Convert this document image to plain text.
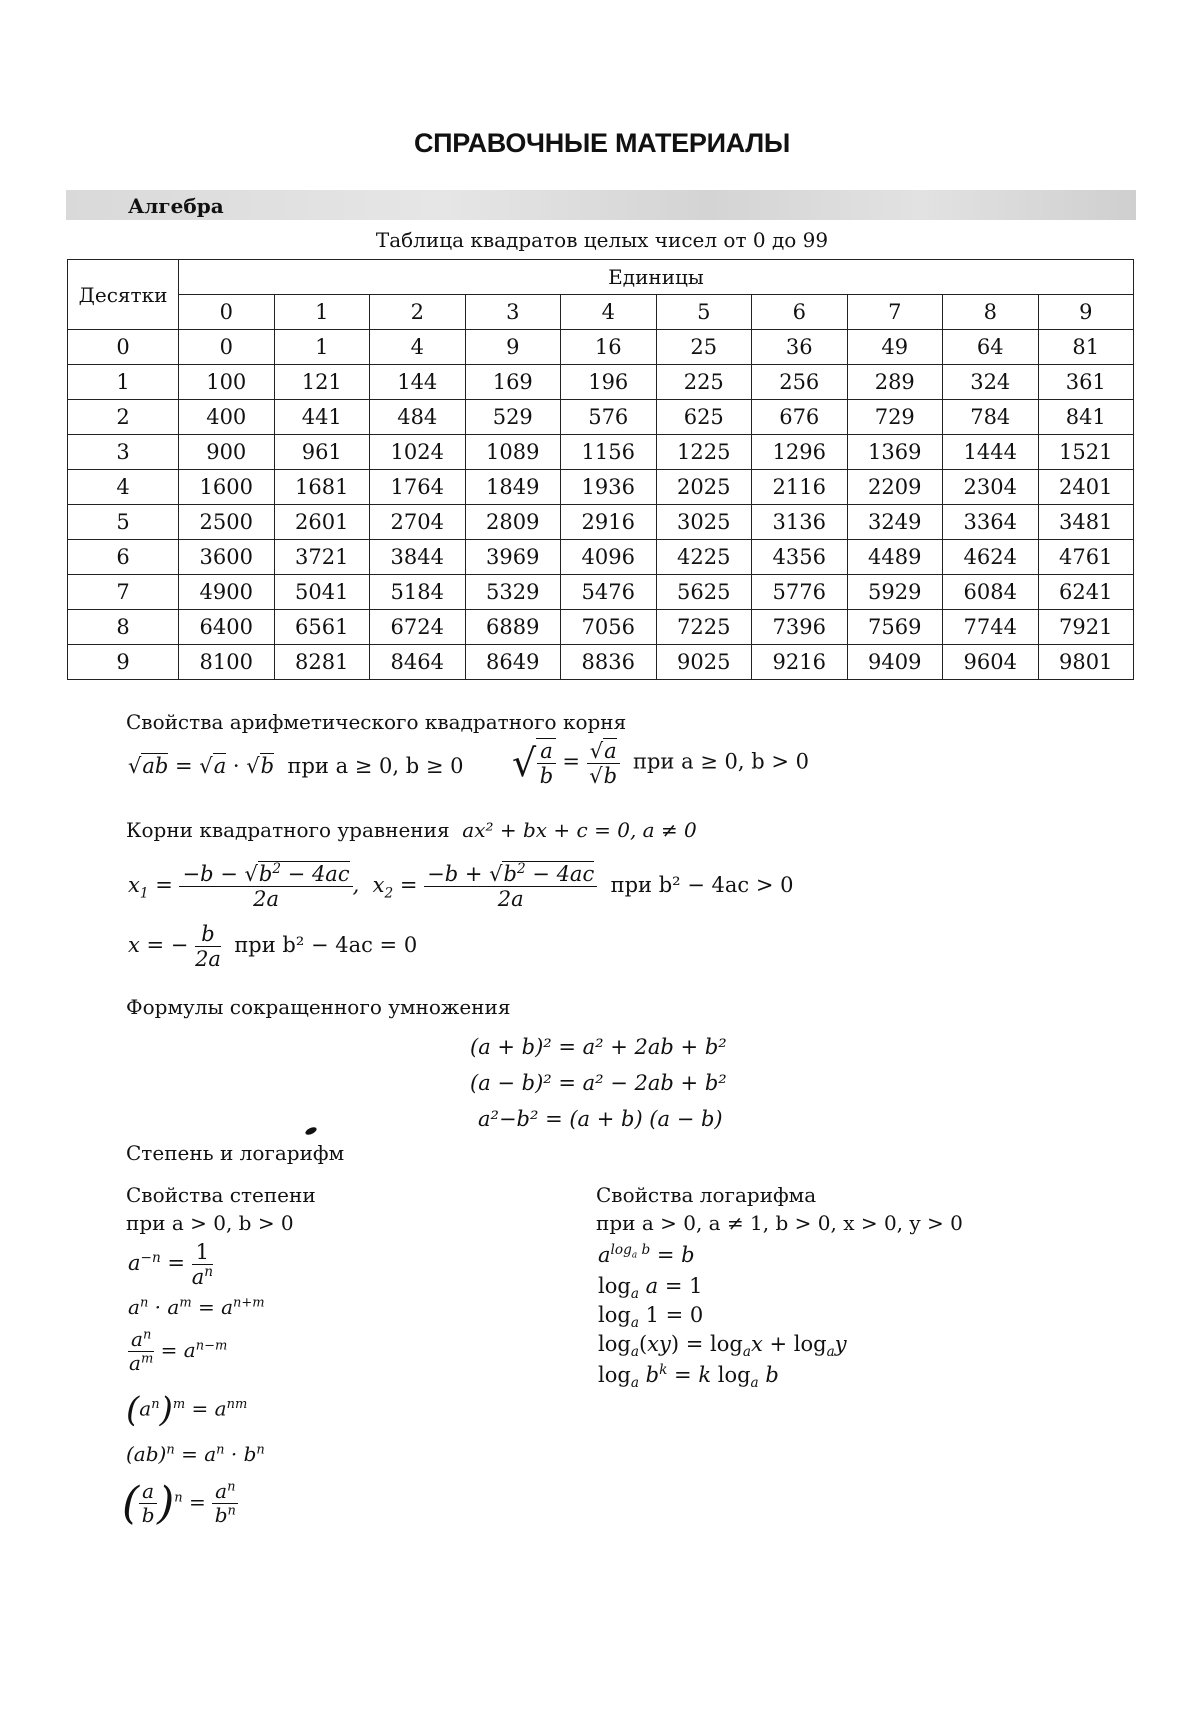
СПРАВОЧНЫЕ МАТЕРИАЛЫ
Алгебра
Таблица квадратов целых чисел от 0 до 99
Десятки	Единицы									
	0	1	2	3	4	5	6	7	8	9
0	0	1	4	9	16	25	36	49	64	81
1	100	121	144	169	196	225	256	289	324	361
2	400	441	484	529	576	625	676	729	784	841
3	900	961	1024	1089	1156	1225	1296	1369	1444	1521
4	1600	1681	1764	1849	1936	2025	2116	2209	2304	2401
5	2500	2601	2704	2809	2916	3025	3136	3249	3364	3481
6	3600	3721	3844	3969	4096	4225	4356	4489	4624	4761
7	4900	5041	5184	5329	5476	5625	5776	5929	6084	6241
8	6400	6561	6724	6889	7056	7225	7396	7569	7744	7921
9	8100	8281	8464	8649	8836	9025	9216	9409	9604	9801
Свойства арифметического квадратного корня
√ab = √a · √b при a ≥ 0, b ≥ 0 √ $\frac{a}{b} = \frac{√a}{√b}$ при a ≥ 0, b > 0
Корни квадратного уравнения ax² + bx + c = 0, a ≠ 0
$x_1 = \frac{-b - √b^2 - 4ac}{2a}$ ,  $x_2 = \frac{-b + √b^2 - 4ac}{2a}$ при b² − 4ac > 0
x = − $\frac{b}{2a}$ при b² − 4ac = 0
Формулы сокращенного умножения
(a + b)² = a² + 2ab + b²
(a − b)² = a² − 2ab + b²
a²−b² = (a + b) (a − b)
Степень и логарифм
Свойства степени
при a > 0, b > 0
$a^{-n} = \frac{1}{a^n}$
$a^n \cdot a^m = a^{n+m}$
$\frac{a^n}{a^m} = a^{n-m}$
$(a^n)^m = a^{nm}$
$(ab)^n = a^n \cdot b^n$
( $\frac{a}{b} )^n = \frac{a^n}{b^n}$
Свойства логарифма
при a > 0, a ≠ 1, b > 0, x > 0, y > 0
$a^{log_a b} = b$
$\log_a a = 1$
$\log_a 1 = 0$
$\log_a(xy) = \log_ax + \log_ay$
$\log_a b^k = k$ $\log_a b$
